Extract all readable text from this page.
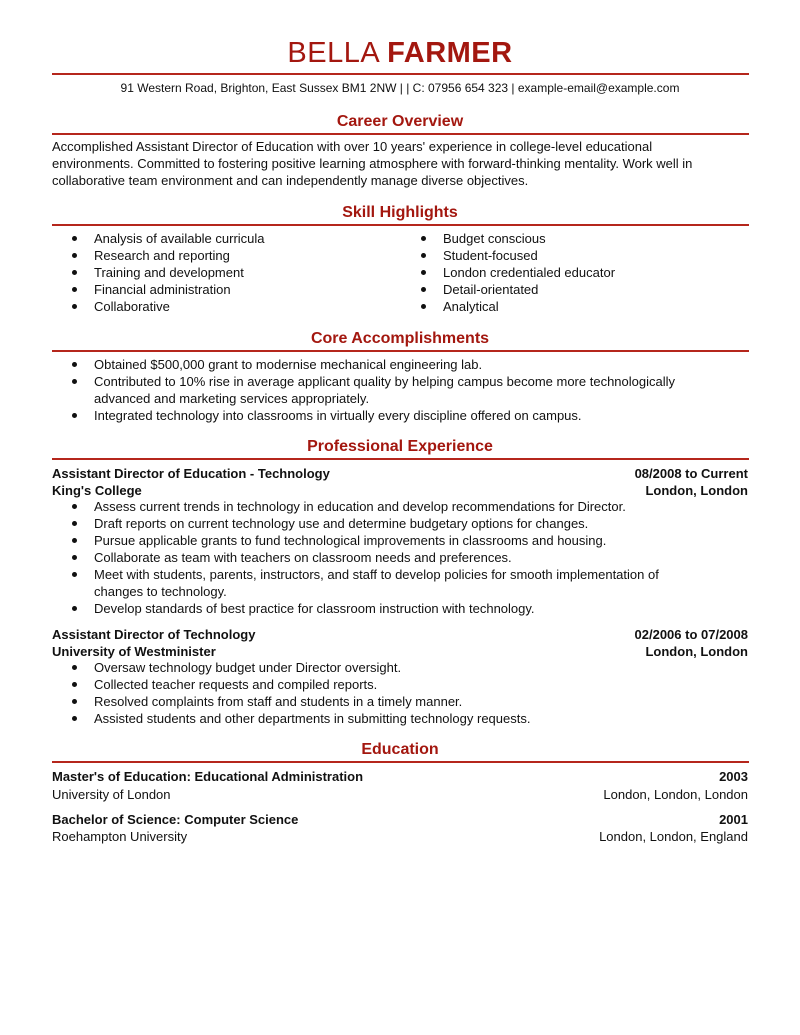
BELLA FARMER
91 Western Road, Brighton, East Sussex BM1 2NW | | C: 07956 654 323 | example-email@example.com
Career Overview
Accomplished Assistant Director of Education with over 10 years' experience in college-level educational
environments. Committed to fostering positive learning atmosphere with forward-thinking mentality. Work well in
collaborative team environment and can independently manage diverse objectives.
Skill Highlights
Analysis of available curricula
Research and reporting
Training and development
Financial administration
Collaborative
Budget conscious
Student-focused
London credentialed educator
Detail-orientated
Analytical
Core Accomplishments
Obtained $500,000 grant to modernise mechanical engineering lab.
Contributed to 10% rise in average applicant quality by helping campus become more technologically
advanced and marketing services appropriately.
Integrated technology into classrooms in virtually every discipline offered on campus.
Professional Experience
Assistant Director of Education - Technology	08/2008 to Current
King's College	London, London
Assess current trends in technology in education and develop recommendations for Director.
Draft reports on current technology use and determine budgetary options for changes.
Pursue applicable grants to fund technological improvements in classrooms and housing.
Collaborate as team with teachers on classroom needs and preferences.
Meet with students, parents, instructors, and staff to develop policies for smooth implementation of
changes to technology.
Develop standards of best practice for classroom instruction with technology.
Assistant Director of Technology	02/2006 to 07/2008
University of Westminister	London, London
Oversaw technology budget under Director oversight.
Collected teacher requests and compiled reports.
Resolved complaints from staff and students in a timely manner.
Assisted students and other departments in submitting technology requests.
Education
Master's of Education: Educational Administration	2003
University of London	London, London, London
Bachelor of Science: Computer Science	2001
Roehampton University	London, London, England
